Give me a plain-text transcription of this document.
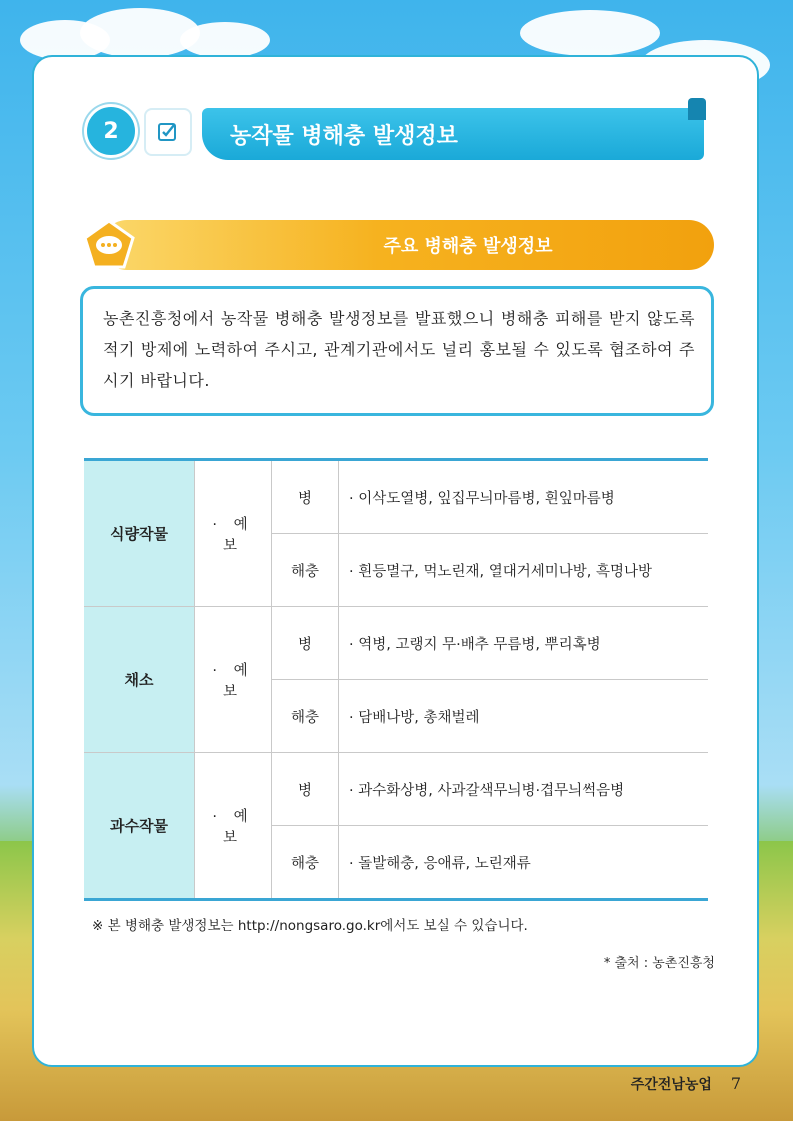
2	농작물 병해충 발생정보
주요 병해충 발생정보
농촌진흥청에서 농작물 병해충 발생정보를 발표했으니 병해충 피해를 받지 않도록 적기 방제에 노력하여 주시고, 관계기관에서도 널리 홍보될 수 있도록 협조하여 주시기 바랍니다.
식량작물	· 예 보	병	· 이삭도열병, 잎집무늬마름병, 흰잎마름병
		해충	· 흰등멸구, 먹노린재, 열대거세미나방, 흑명나방
채소	· 예 보	병	· 역병, 고랭지 무·배추 무름병, 뿌리혹병
		해충	· 담배나방, 총채벌레
과수작물	· 예 보	병	· 과수화상병, 사과갈색무늬병·겹무늬썩음병
		해충	· 돌발해충, 응애류, 노린재류
※ 본 병해충 발생정보는 http://nongsaro.go.kr에서도 보실 수 있습니다.
* 출처 : 농촌진흥청
주간전남농업 7
